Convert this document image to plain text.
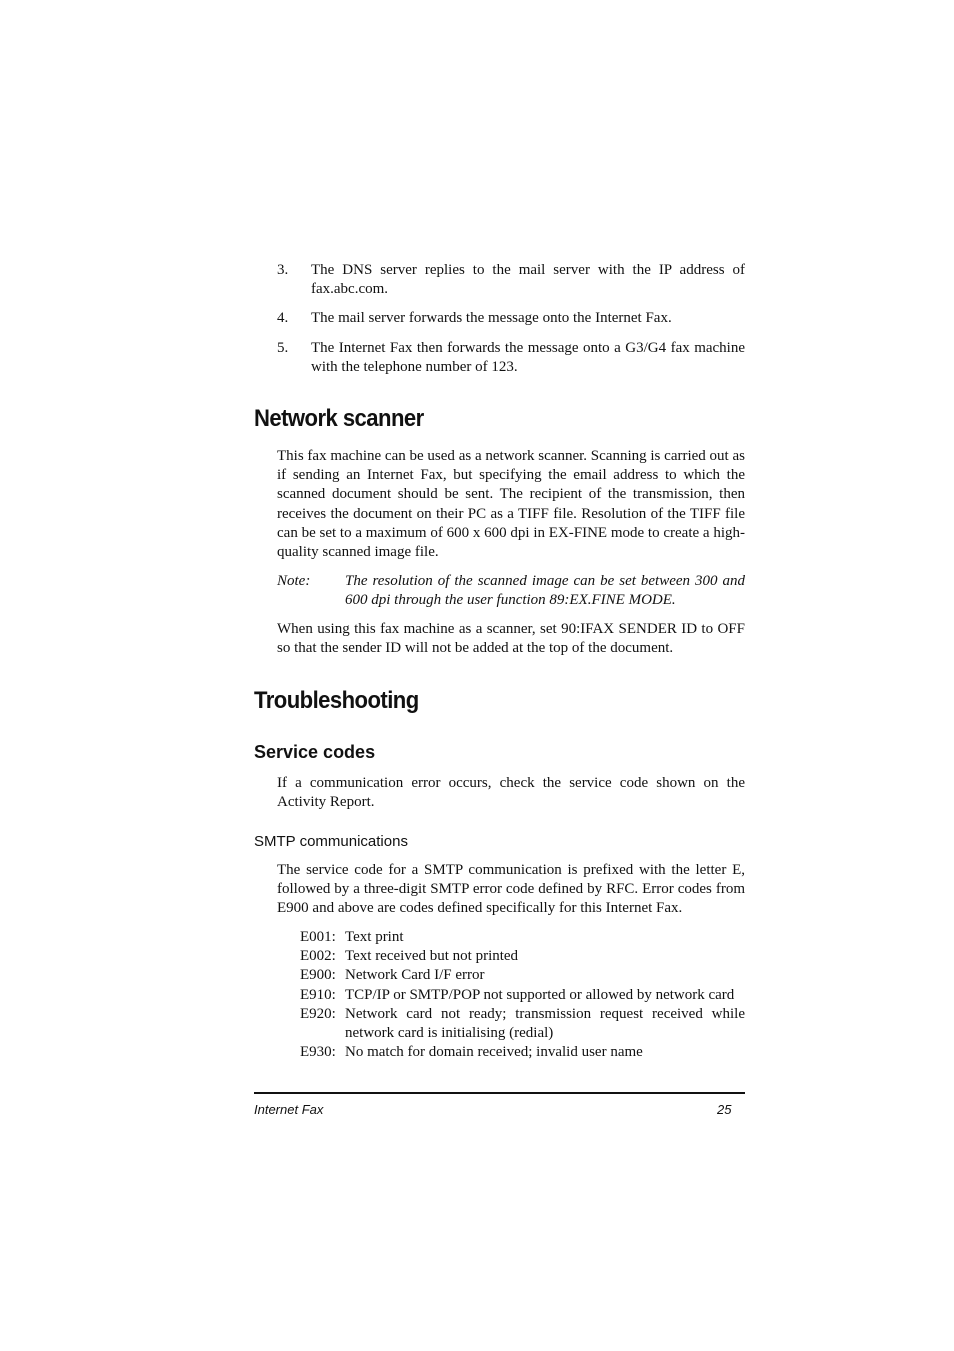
3.	The DNS server replies to the mail server with the IP address of fax.abc.com.
4.	The mail server forwards the message onto the Internet Fax.
5.	The Internet Fax then forwards the message onto a G3/G4 fax machine with the telephone number of 123.
Network scanner

This fax machine can be used as a network scanner. Scanning is carried out as if sending an Internet Fax, but specifying the email address to which the scanned document should be sent. The recipient of the transmission, then receives the document on their PC as a TIFF file. Resolution of the TIFF file can be set to a maximum of 600 x 600 dpi in EX-FINE mode to create a high-quality scanned image file.

Note:	The resolution of the scanned image can be set between 300 and 600 dpi through the user function 89:EX.FINE MODE.

When using this fax machine as a scanner, set 90:IFAX SENDER ID to OFF so that the sender ID will not be added at the top of the document.

Troubleshooting
Service codes

If a communication error occurs, check the service code shown on the Activity Report.

SMTP communications

The service code for a SMTP communication is prefixed with the letter E, followed by a three-digit SMTP error code defined by RFC. Error codes from E900 and above are codes defined specifically for this Internet Fax.

E001: Text print
E002: Text received but not printed
E900: Network Card I/F error
E910: TCP/IP or SMTP/POP not supported or allowed by network card
E920: Network card not ready; transmission request received while network card is initialising (redial)
E930: No match for domain received; invalid user name
Internet Fax	25
